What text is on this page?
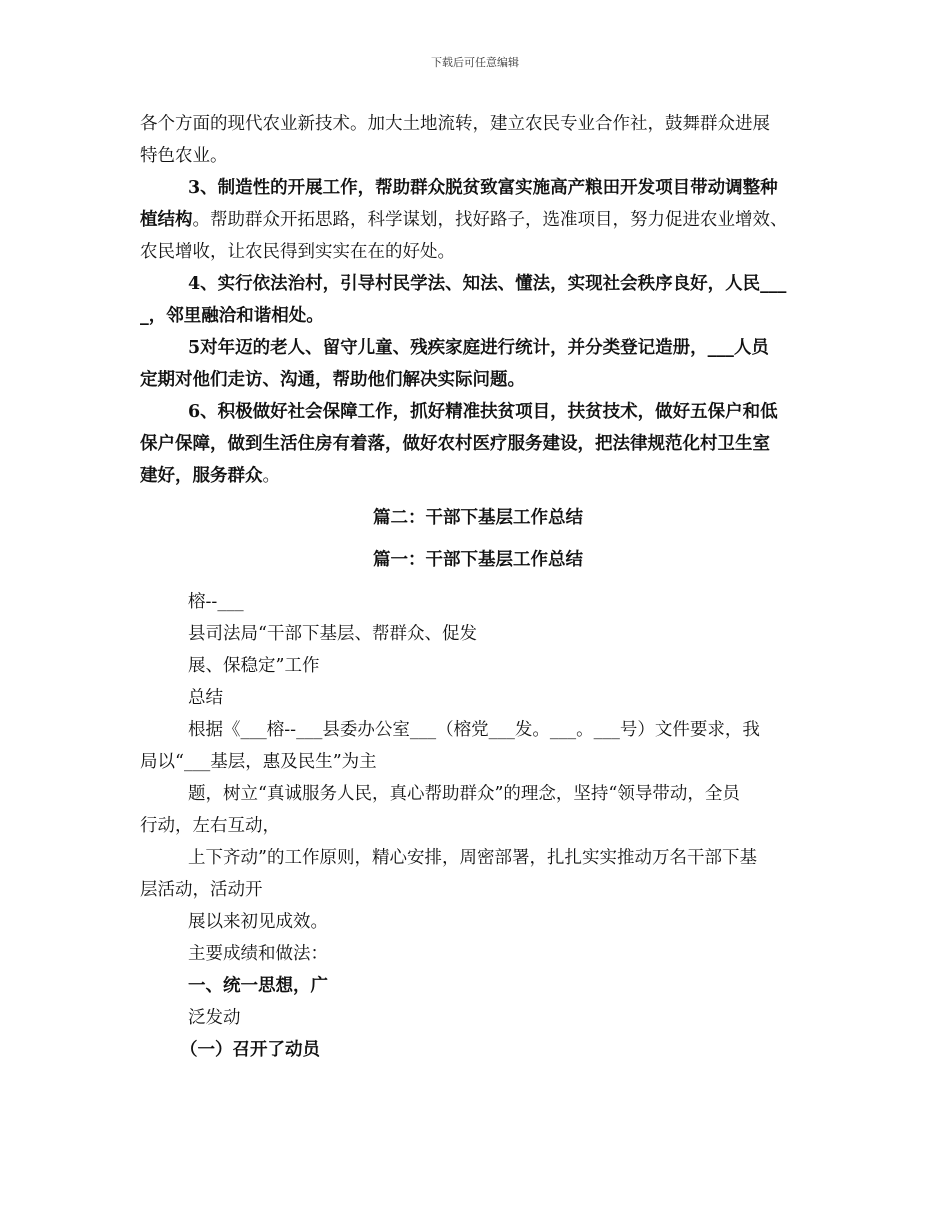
下载后可任意编辑
各个方面的现代农业新技术。加大土地流转，建立农民专业合作社，鼓舞群众进展
特色农业。
3、制造性的开展工作，帮助群众脱贫致富实施高产粮田开发项目带动调整种
植结构。帮助群众开拓思路，科学谋划，找好路子，选准项目，努力促进农业增效、
农民增收，让农民得到实实在在的好处。
4、实行依法治村，引导村民学法、知法、懂法，实现社会秩序良好，人民___
_，邻里融洽和谐相处。
5对年迈的老人、留守儿童、残疾家庭进行统计，并分类登记造册，___人员
定期对他们走访、沟通，帮助他们解决实际问题。
6、积极做好社会保障工作，抓好精准扶贫项目，扶贫技术，做好五保户和低
保户保障，做到生活住房有着落，做好农村医疗服务建设，把法律规范化村卫生室
建好，服务群众。
篇二：干部下基层工作总结
篇一：干部下基层工作总结
榕--___
县司法局“干部下基层、帮群众、促发
展、保稳定”工作
总结
根据《___榕--___县委办公室___（榕党___发。___。___号）文件要求，我
局以“___基层，惠及民生”为主
题，树立“真诚服务人民，真心帮助群众”的理念，坚持“领导带动，全员
行动，左右互动，
上下齐动”的工作原则，精心安排，周密部署，扎扎实实推动万名干部下基
层活动，活动开
展以来初见成效。
主要成绩和做法：
一、统一思想，广
泛发动
（一）召开了动员
